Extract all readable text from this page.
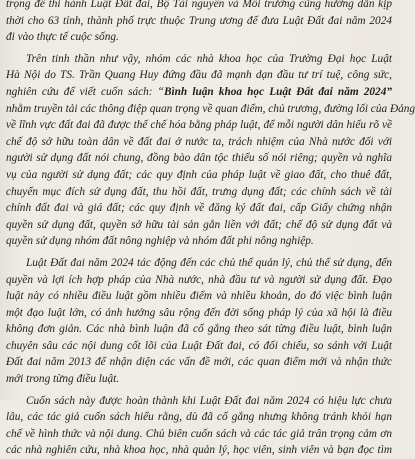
trọng để thi hành Luật Đất đai, Bộ Tài nguyên và Môi trường cũng hướng dẫn kịp
thời cho 63 tỉnh, thành phố trực thuộc Trung ương để đưa Luật Đất đai năm 2024
đi vào thực tế cuộc sống.
Trên tinh thần như vậy, nhóm các nhà khoa học của Trường Đại học Luật
Hà Nội do TS. Trần Quang Huy đứng đầu đã mạnh dạn đầu tư trí tuệ, công sức,
nghiên cứu để viết cuốn sách: “Bình luận khoa học Luật Đất đai năm 2024”
nhằm truyền tải các thông điệp quan trọng về quan điểm, chủ trương, đường lối của Đảng
về lĩnh vực đất đai đã được thể chế hóa bằng pháp luật, để mỗi người dân hiểu rõ về
chế độ sở hữu toàn dân về đất đai ở nước ta, trách nhiệm của Nhà nước đối với
người sử dụng đất nói chung, đồng bào dân tộc thiểu số nói riêng; quyền và nghĩa
vụ của người sử dụng đất; các quy định của pháp luật về giao đất, cho thuê đất,
chuyển mục đích sử dụng đất, thu hồi đất, trưng dụng đất; các chính sách về tài
chính đất đai và giá đất; các quy định về đăng ký đất đai, cấp Giấy chứng nhận
quyền sử dụng đất, quyền sở hữu tài sản gắn liền với đất; chế độ sử dụng đất và
quyền sử dụng nhóm đất nông nghiệp và nhóm đất phi nông nghiệp.
Luật Đất đai năm 2024 tác động đến các chủ thể quản lý, chủ thể sử dụng, đến
quyền và lợi ích hợp pháp của Nhà nước, nhà đầu tư và người sử dụng đất. Đạo
luật này có nhiều điều luật gồm nhiều điểm và nhiều khoản, do đó việc bình luận
một đạo luật lớn, có ảnh hưởng sâu rộng đến đời sống pháp lý của xã hội là điều
không đơn giản. Các nhà bình luận đã cố gắng theo sát từng điều luật, bình luận
chuyên sâu các nội dung cốt lõi của Luật Đất đai, có đối chiếu, so sánh với Luật
Đất đai năm 2013 để nhận diện các vấn đề mới, các quan điểm mới và nhận thức
mới trong từng điều luật.
Cuốn sách này được hoàn thành khi Luật Đất đai năm 2024 có hiệu lực chưa
lâu, các tác giả cuốn sách hiểu rằng, dù đã cố gắng nhưng không tránh khỏi hạn
chế về hình thức và nội dung. Chủ biên cuốn sách và các tác giả trân trọng cảm ơn
các nhà nghiên cứu, nhà khoa học, nhà quản lý, học viên, sinh viên và bạn đọc tìm
